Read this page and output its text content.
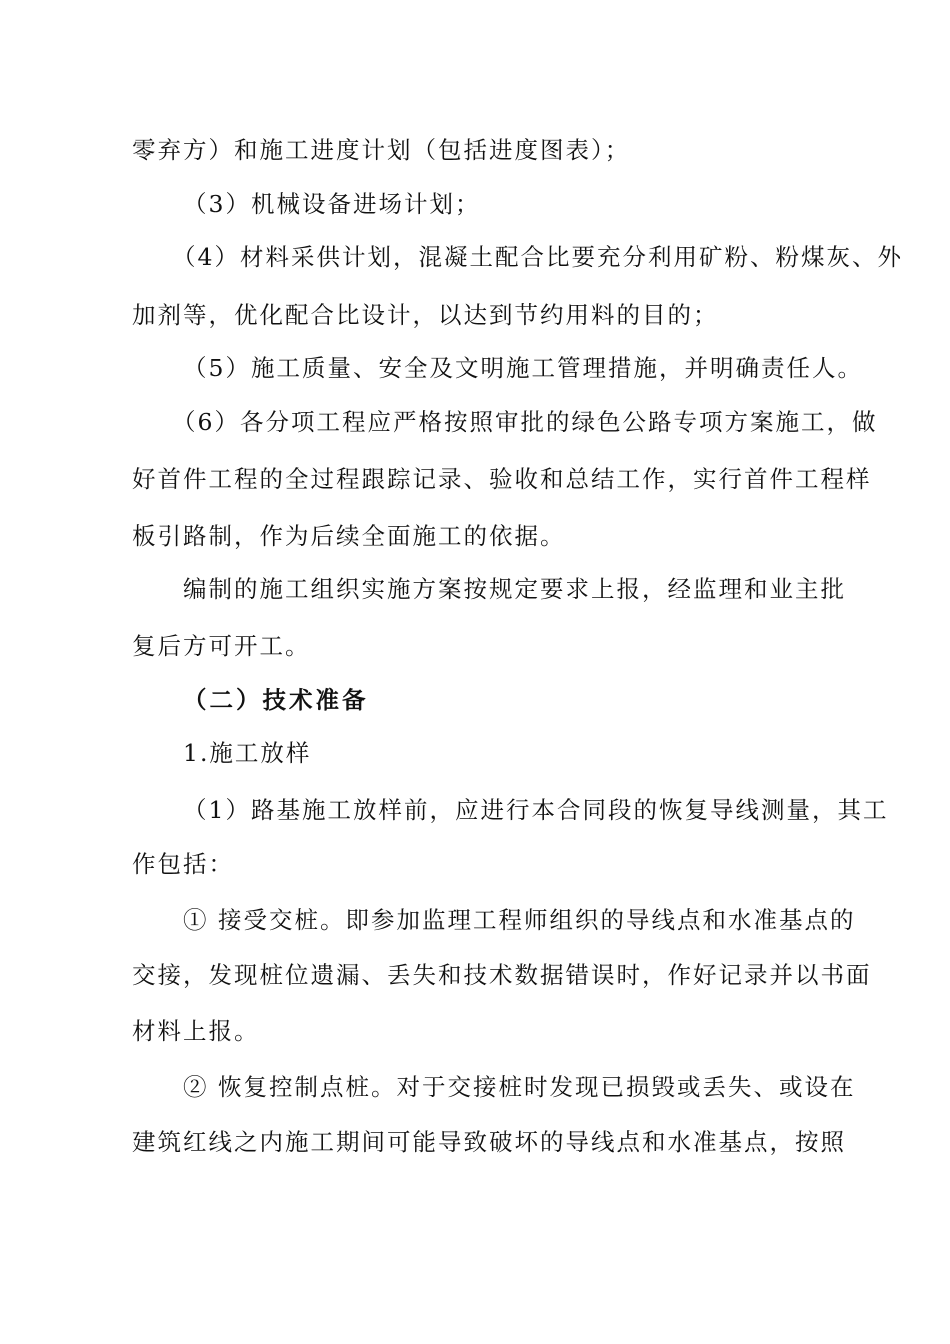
零弃方）和施工进度计划（包括进度图表）；
（3）机械设备进场计划；
（4）材料采供计划，混凝土配合比要充分利用矿粉、粉煤灰、外
加剂等，优化配合比设计，以达到节约用料的目的；
（5）施工质量、安全及文明施工管理措施，并明确责任人。
（6）各分项工程应严格按照审批的绿色公路专项方案施工，做
好首件工程的全过程跟踪记录、验收和总结工作，实行首件工程样
板引路制，作为后续全面施工的依据。
编制的施工组织实施方案按规定要求上报，经监理和业主批
复后方可开工。
（二）技术准备
1.施工放样
（1）路基施工放样前，应进行本合同段的恢复导线测量，其工
作包括：
① 接受交桩。即参加监理工程师组织的导线点和水准基点的
交接，发现桩位遗漏、丢失和技术数据错误时，作好记录并以书面
材料上报。
② 恢复控制点桩。对于交接桩时发现已损毁或丢失、或设在
建筑红线之内施工期间可能导致破坏的导线点和水准基点，按照
